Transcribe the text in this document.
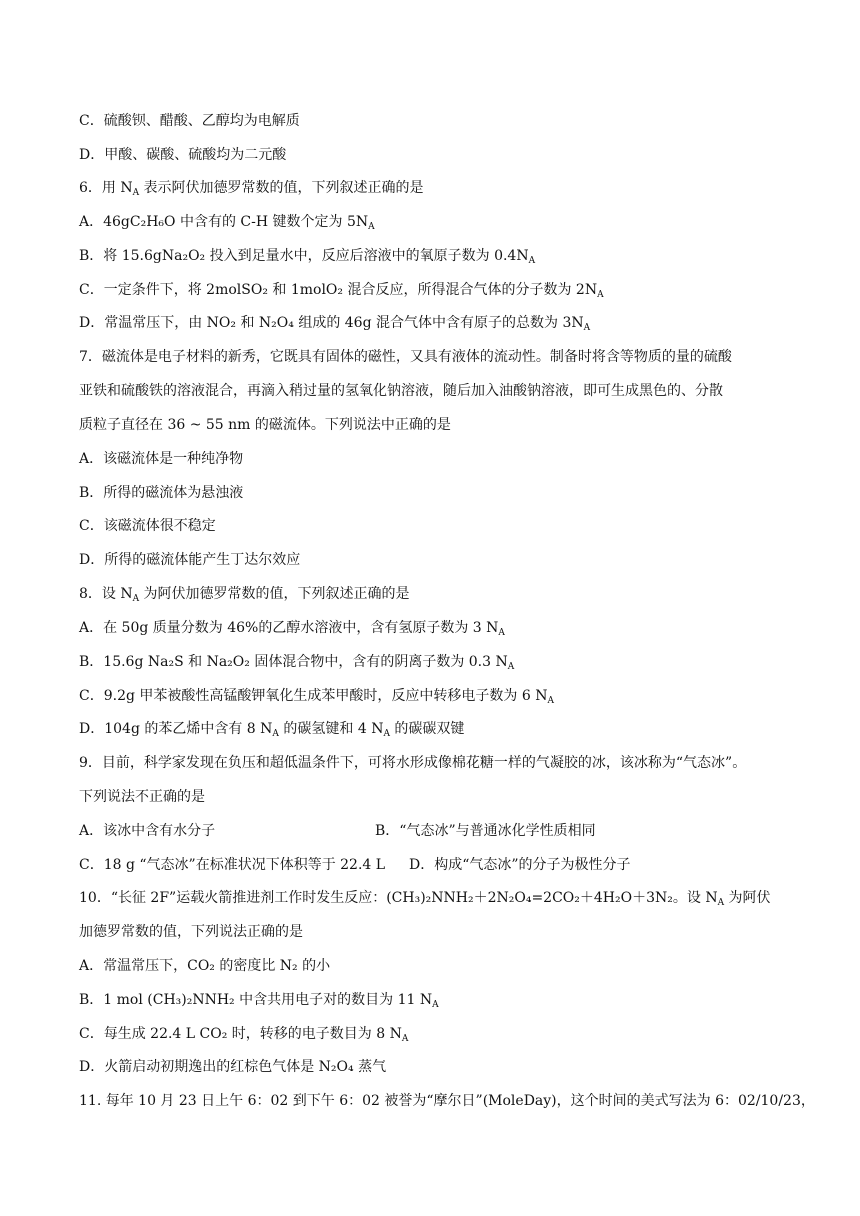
C．硫酸钡、醋酸、乙醇均为电解质
D．甲酸、碳酸、硫酸均为二元酸
6．用 $N_A$ 表示阿伏加德罗常数的值，下列叙述正确的是
A．46gC₂H₆O 中含有的 C-H 键数个定为 $5N_A$
B．将 15.6gNa₂O₂ 投入到足量水中，反应后溶液中的氧原子数为 $0.4N_A$
C．一定条件下，将 2molSO₂ 和 1molO₂ 混合反应，所得混合气体的分子数为 $2N_A$
D．常温常压下，由 NO₂ 和 N₂O₄ 组成的 46g 混合气体中含有原子的总数为 $3N_A$
7．磁流体是电子材料的新秀，它既具有固体的磁性，又具有液体的流动性。制备时将含等物质的量的硫酸
亚铁和硫酸铁的溶液混合，再滴入稍过量的氢氧化钠溶液，随后加入油酸钠溶液，即可生成黑色的、分散
质粒子直径在 36 ~ 55 nm 的磁流体。下列说法中正确的是
A．该磁流体是一种纯净物
B．所得的磁流体为悬浊液
C．该磁流体很不稳定
D．所得的磁流体能产生丁达尔效应
8．设 $N_A$ 为阿伏加德罗常数的值，下列叙述正确的是
A．在 50g 质量分数为 46%的乙醇水溶液中，含有氢原子数为 3 $N_A$
B．15.6g Na₂S 和 Na₂O₂ 固体混合物中，含有的阴离子数为 0.3 $N_A$
C．9.2g 甲苯被酸性高锰酸钾氧化生成苯甲酸时，反应中转移电子数为 6 $N_A$
D．104g 的苯乙烯中含有 8 $N_A$ 的碳氢键和 4 $N_A$ 的碳碳双键
9．目前，科学家发现在负压和超低温条件下，可将水形成像棉花糖一样的气凝胶的冰，该冰称为“气态冰”。
下列说法不正确的是
A．该冰中含有水分子	B．“气态冰”与普通冰化学性质相同
C．18 g “气态冰”在标准状况下体积等于 22.4 L D．构成“气态冰”的分子为极性分子
10．“长征 2F”运载火箭推进剂工作时发生反应：(CH₃)₂NNH₂＋2N₂O₄=2CO₂＋4H₂O＋3N₂。设 $N_A$ 为阿伏
加德罗常数的值，下列说法正确的是
A．常温常压下，CO₂ 的密度比 N₂ 的小
B．1 mol (CH₃)₂NNH₂ 中含共用电子对的数目为 11 $N_A$
C．每生成 22.4 L CO₂ 时，转移的电子数目为 8 $N_A$
D．火箭启动初期逸出的红棕色气体是 N₂O₄ 蒸气
11. 每年 10 月 23 日上午 6：02 到下午 6：02 被誉为“摩尔日”(MoleDay)，这个时间的美式写法为 6：02/10/23，
